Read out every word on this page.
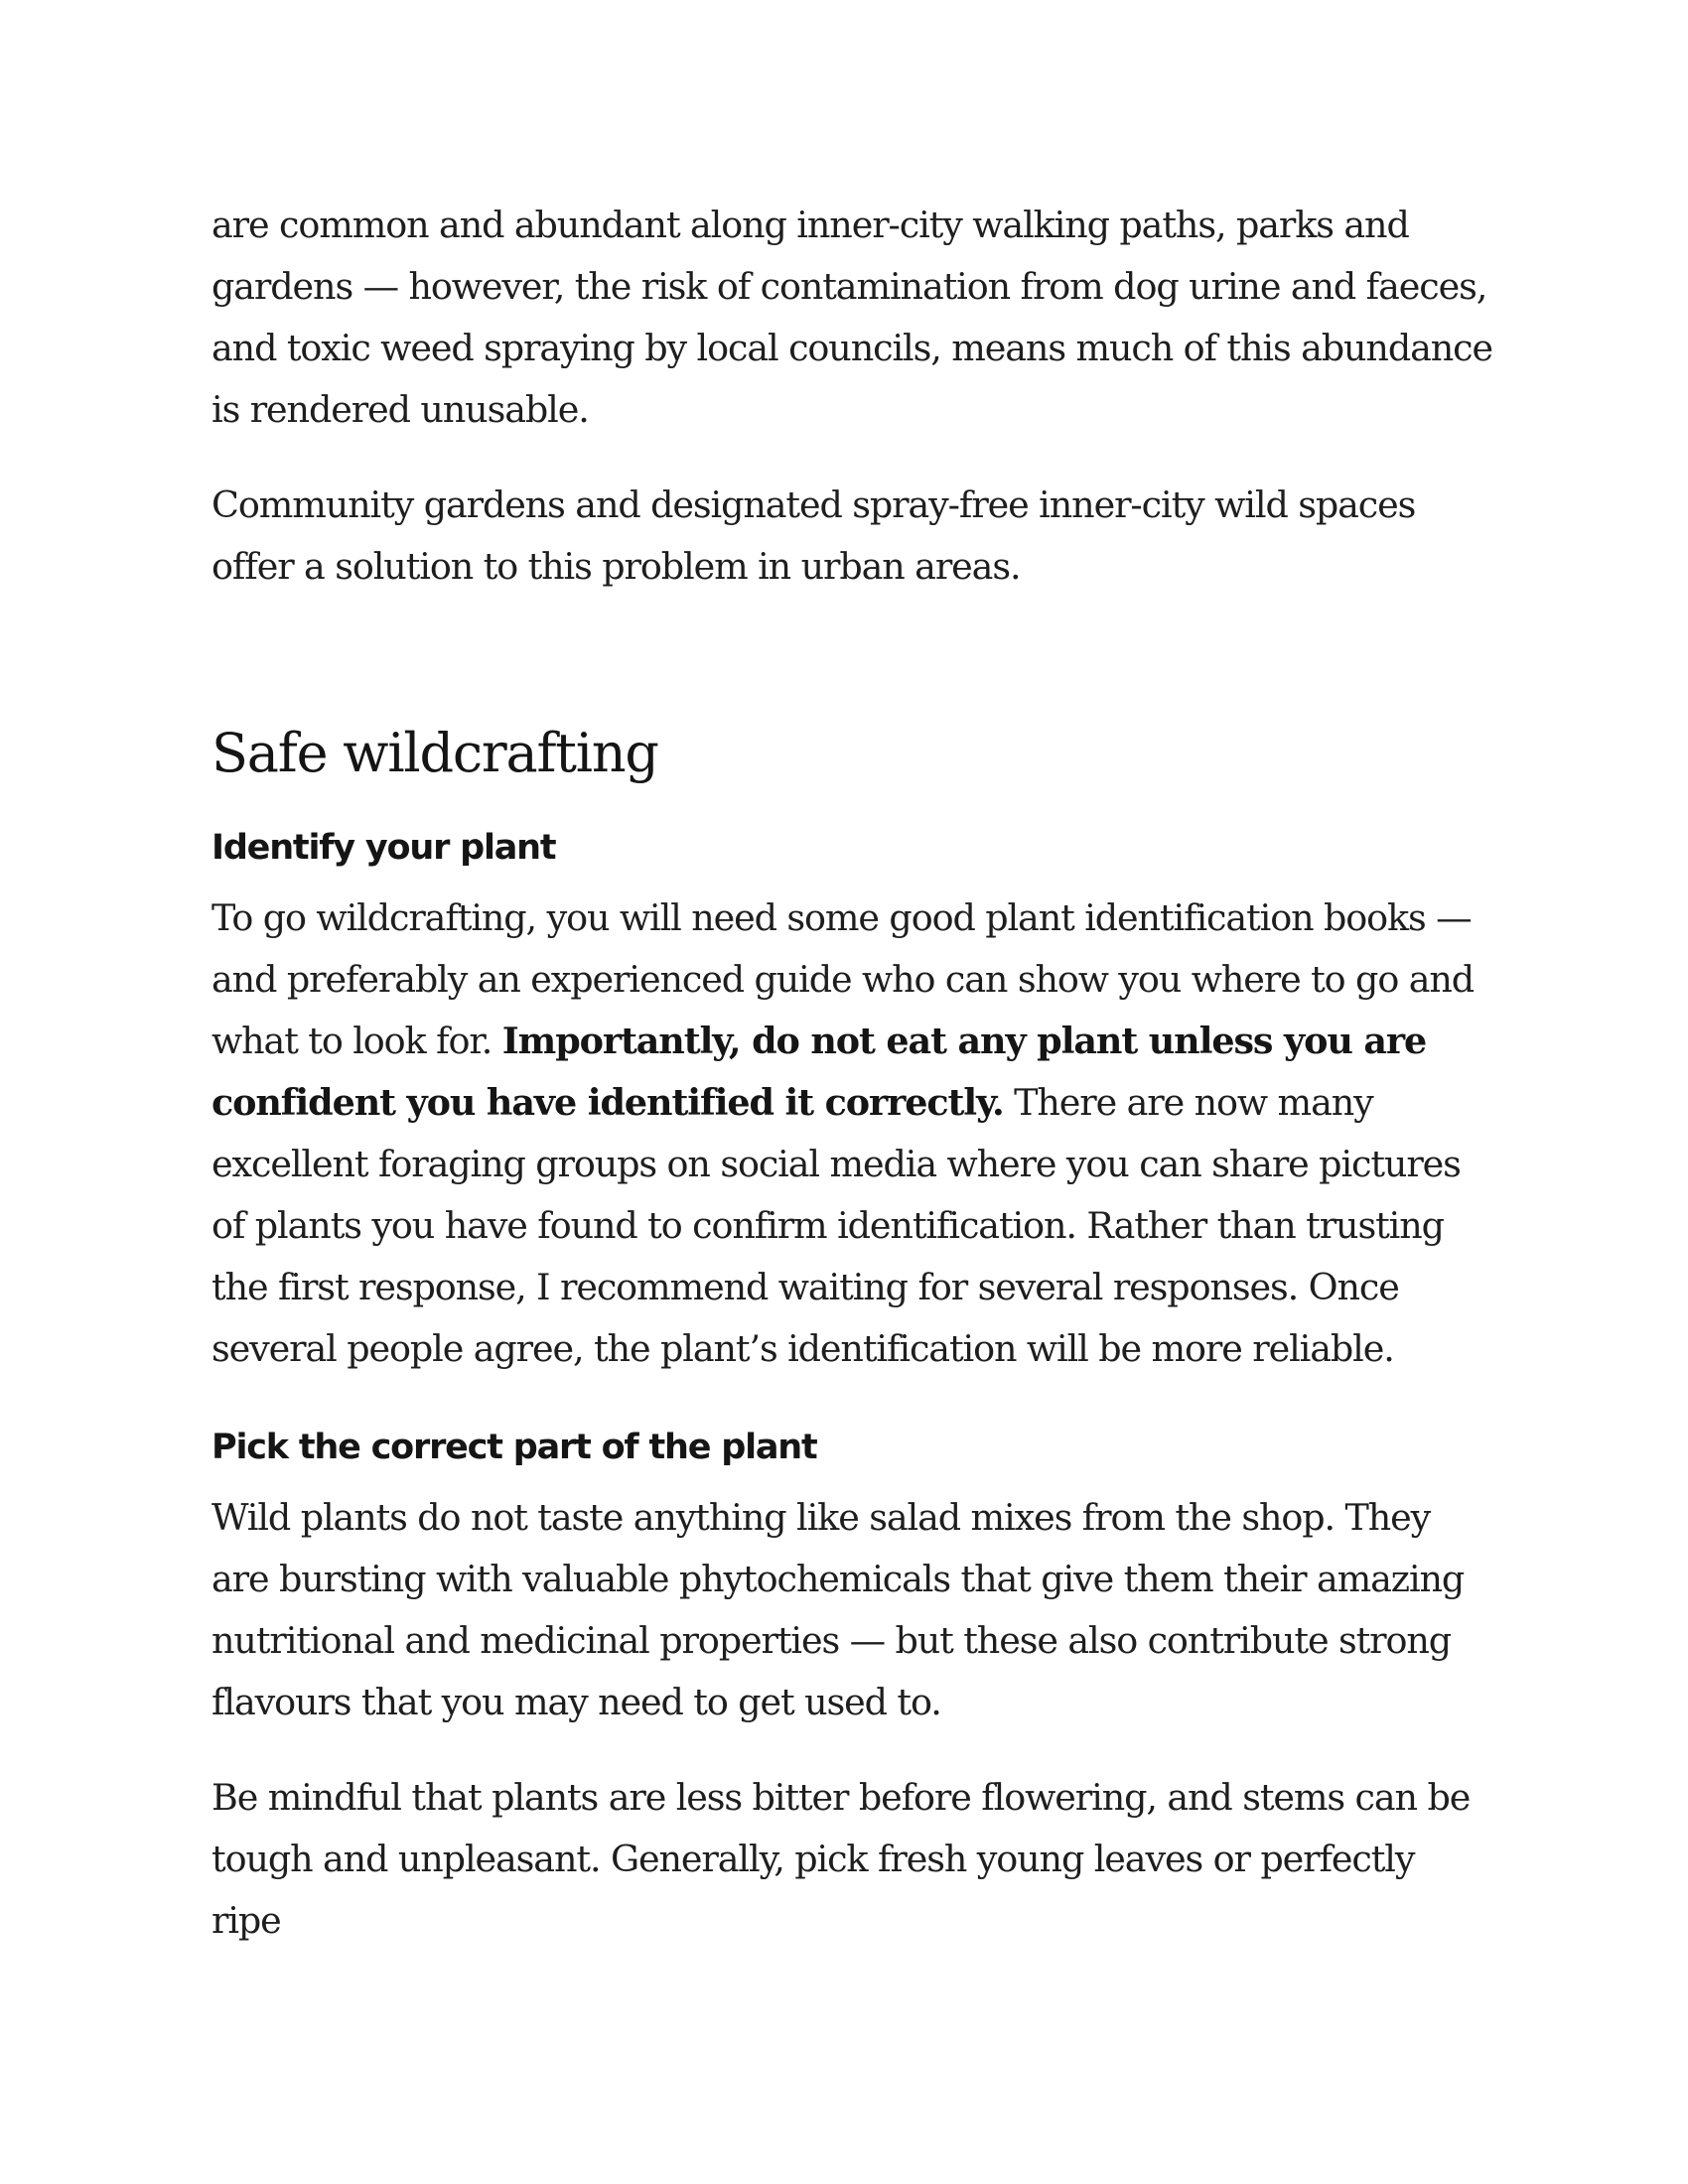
are common and abundant along inner-city walking paths, parks and gardens — however, the risk of contamination from dog urine and faeces, and toxic weed spraying by local councils, means much of this abundance is rendered unusable.

Community gardens and designated spray-free inner-city wild spaces offer a solution to this problem in urban areas.

Safe wildcrafting
Identify your plant

To go wildcrafting, you will need some good plant identification books — and preferably an experienced guide who can show you where to go and what to look for. Importantly, do not eat any plant unless you are confident you have identified it correctly. There are now many excellent foraging groups on social media where you can share pictures of plants you have found to confirm identification. Rather than trusting the first response, I recommend waiting for several responses. Once several people agree, the plant’s identification will be more reliable.

Pick the correct part of the plant

Wild plants do not taste anything like salad mixes from the shop. They are bursting with valuable phytochemicals that give them their amazing nutritional and medicinal properties — but these also contribute strong flavours that you may need to get used to.

Be mindful that plants are less bitter before flowering, and stems can be tough and unpleasant. Generally, pick fresh young leaves or perfectly ripe
